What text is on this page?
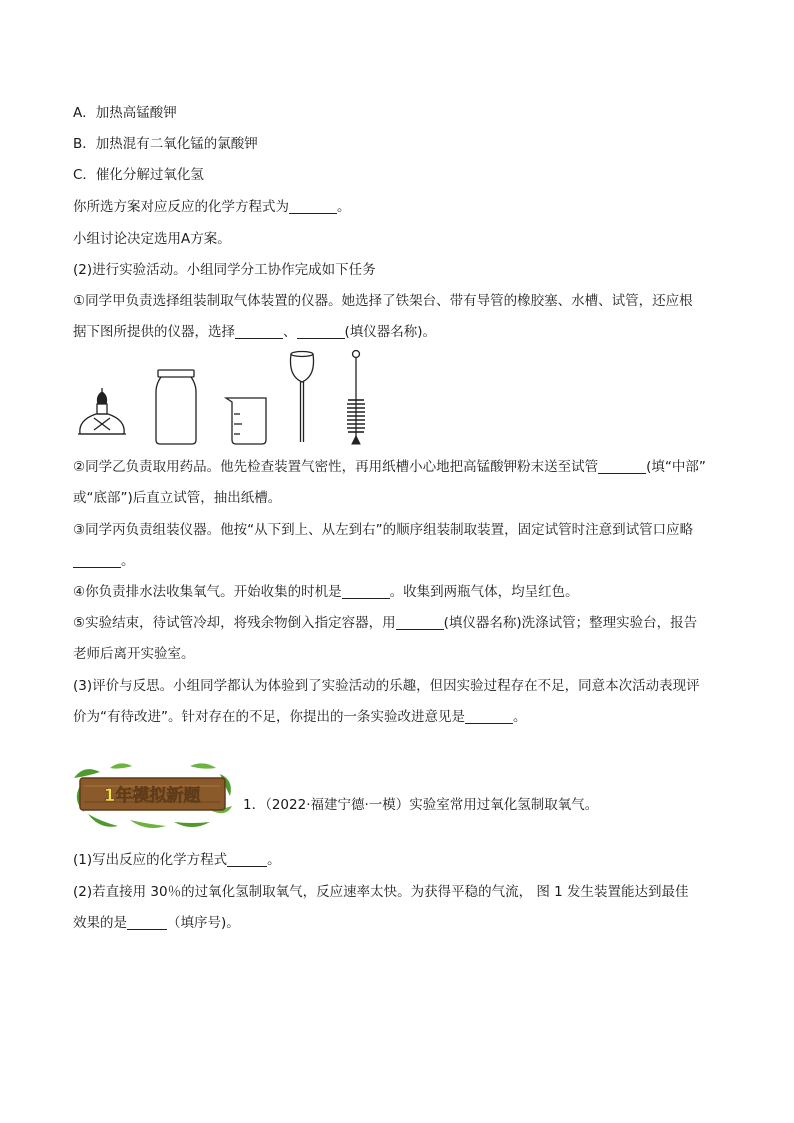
A．加热高锰酸钾
B．加热混有二氧化锰的氯酸钾
C．催化分解过氧化氢
你所选方案对应反应的化学方程式为	。
小组讨论决定选用A方案。
(2)进行实验活动。小组同学分工协作完成如下任务
①同学甲负责选择组装制取气体装置的仪器。她选择了铁架台、带有导管的橡胶塞、水槽、试管，还应根
据下图所提供的仪器，选择	、	(填仪器名称)。
②同学乙负责取用药品。他先检查装置气密性，再用纸槽小心地把高锰酸钾粉末送至试管	(填“中部”
或“底部”)后直立试管，抽出纸槽。
③同学丙负责组装仪器。他按“从下到上、从左到右”的顺序组装制取装置，固定试管时注意到试管口应略
。
④你负责排水法收集氧气。开始收集的时机是	。收集到两瓶气体，均呈红色。
⑤实验结束，待试管冷却，将残余物倒入指定容器，用	(填仪器名称)洗涤试管；整理实验台，报告
老师后离开实验室。
(3)评价与反思。小组同学都认为体验到了实验活动的乐趣，但因实验过程存在不足，同意本次活动表现评
价为“有待改进”。针对存在的不足，你提出的一条实验改进意见是	。
1年模拟新题	1．（2022·福建宁德·一模）实验室常用过氧化氢制取氧气。
(1)写出反应的化学方程式	。
(2)若直接用 30％的过氧化氢制取氧气，反应速率太快。为获得平稳的气流， 图 1 发生装置能达到最佳
效果的是	（填序号)。
